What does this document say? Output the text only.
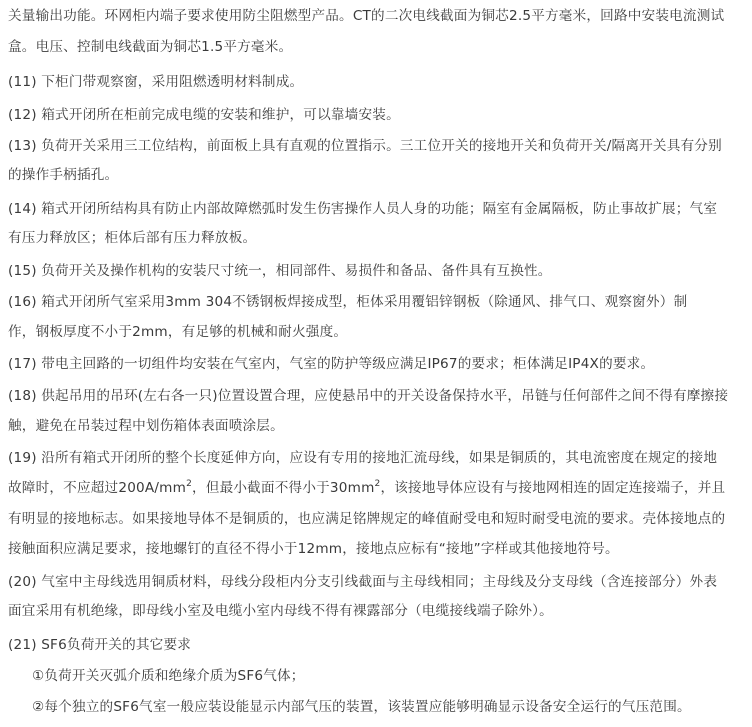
关量输出功能。环网柜内端子要求使用防尘阻燃型产品。CT的二次电线截面为铜芯2.5平方毫米，回路中安装电流测试
盒。电压、控制电线截面为铜芯1.5平方毫米。
(11) 下柜门带观察窗，采用阻燃透明材料制成。
(12) 箱式开闭所在柜前完成电缆的安装和维护，可以靠墙安装。
(13) 负荷开关采用三工位结构，前面板上具有直观的位置指示。三工位开关的接地开关和负荷开关/隔离开关具有分别
的操作手柄插孔。
(14) 箱式开闭所结构具有防止内部故障燃弧时发生伤害操作人员人身的功能；隔室有金属隔板，防止事故扩展；气室
有压力释放区；柜体后部有压力释放板。
(15) 负荷开关及操作机构的安装尺寸统一，相同部件、易损件和备品、备件具有互换性。
(16) 箱式开闭所气室采用3mm 304不锈钢板焊接成型，柜体采用覆铝锌钢板（除通风、排气口、观察窗外）制
作，钢板厚度不小于2mm，有足够的机械和耐火强度。
(17) 带电主回路的一切组件均安装在气室内，气室的防护等级应满足IP67的要求；柜体满足IP4X的要求。
(18) 供起吊用的吊环(左右各一只)位置设置合理，应使悬吊中的开关设备保持水平，吊链与任何部件之间不得有摩擦接
触，避免在吊装过程中划伤箱体表面喷涂层。
(19) 沿所有箱式开闭所的整个长度延伸方向，应设有专用的接地汇流母线，如果是铜质的，其电流密度在规定的接地
故障时，不应超过$200A/mm^2$，但最小截面不得小于$30mm^2$，该接地导体应设有与接地网相连的固定连接端子，并且
有明显的接地标志。如果接地导体不是铜质的，也应满足铭牌规定的峰值耐受电和短时耐受电流的要求。壳体接地点的
接触面积应满足要求，接地螺钉的直径不得小于12mm，接地点应标有“接地”字样或其他接地符号。
(20) 气室中主母线选用铜质材料，母线分段柜内分支引线截面与主母线相同；主母线及分支母线（含连接部分）外表
面宜采用有机绝缘，即母线小室及电缆小室内母线不得有裸露部分（电缆接线端子除外）。
(21) SF6负荷开关的其它要求
①负荷开关灭弧介质和绝缘介质为SF6气体；
②每个独立的SF6气室一般应装设能显示内部气压的装置，该装置应能够明确显示设备安全运行的气压范围。
